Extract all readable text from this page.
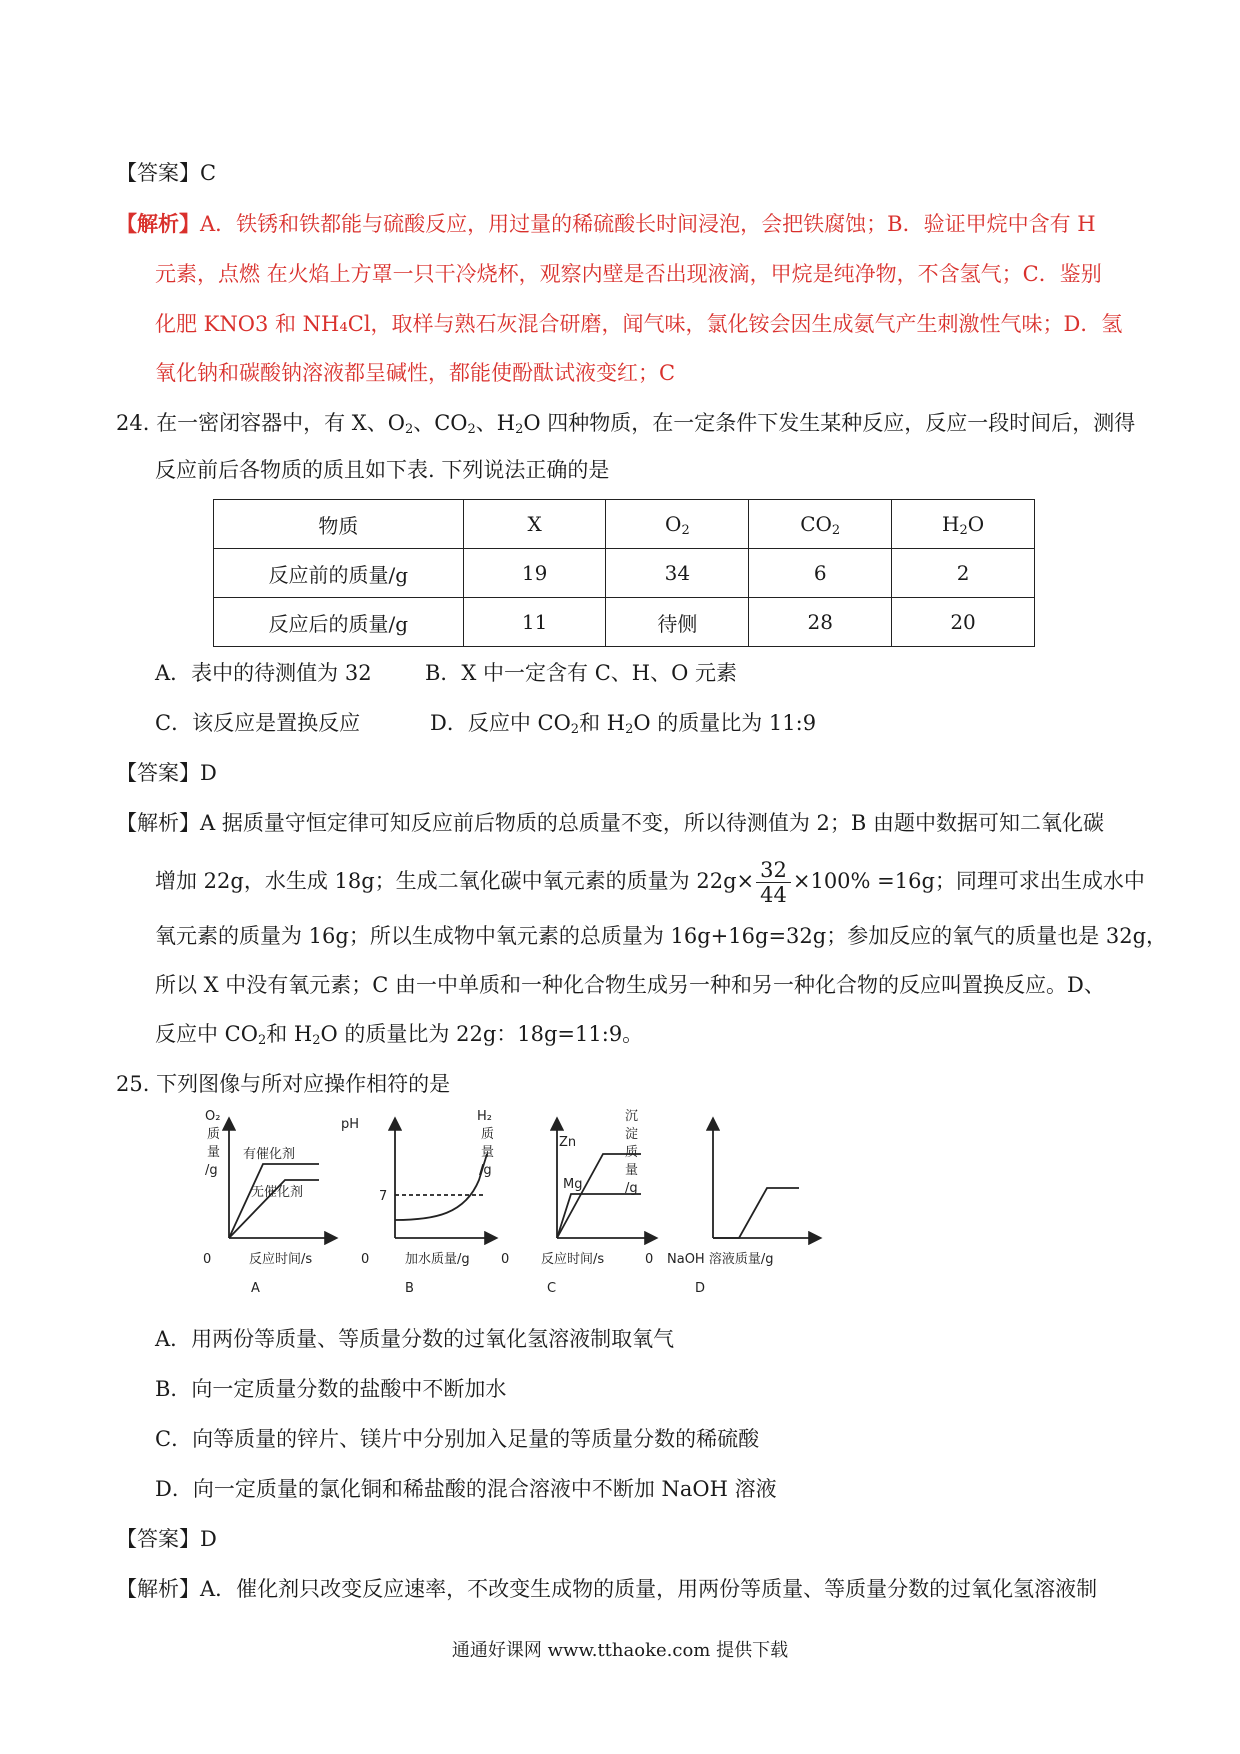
【答案】C
【解析】A．铁锈和铁都能与硫酸反应，用过量的稀硫酸长时间浸泡，会把铁腐蚀；B．验证甲烷中含有 H
元素，点燃 在火焰上方罩一只干冷烧杯，观察内壁是否出现液滴，甲烷是纯净物，不含氢气；C．鉴别
化肥 KNO3 和 NH₄Cl，取样与熟石灰混合研磨，闻气味，氯化铵会因生成氨气产生刺激性气味；D．氢
氧化钠和碳酸钠溶液都呈碱性，都能使酚酞试液变红；C
24. 在一密闭容器中，有 X、$O_2$、$CO_2$、$H_2O$ 四种物质，在一定条件下发生某种反应，反应一段时间后，测得
反应前后各物质的质且如下表. 下列说法正确的是
物质	X	$O_2$	$CO_2$	$H_2O$
反应前的质量/g	19	34	6	2
反应后的质量/g	11	待侧	28	20
A．表中的待测值为 32	B．X 中一定含有 C、H、O 元素
C．该反应是置换反应	D．反应中 $CO_2$和 $H_2O$ 的质量比为 11:9
【答案】D
【解析】A 据质量守恒定律可知反应前后物质的总质量不变，所以待测值为 2；B 由题中数据可知二氧化碳
增加 22g，水生成 18g；生成二氧化碳中氧元素的质量为 $22g\times \frac{32}{44} \times 100\% =16g$；同理可求出生成水中
氧元素的质量为 16g；所以生成物中氧元素的总质量为 16g+16g=32g；参加反应的氧气的质量也是 32g，
所以 X 中没有氧元素；C 由一中单质和一种化合物生成另一种和另一种化合物的反应叫置换反应。D、
反应中 $CO_2$和 $H_2O$ 的质量比为 22g：18g=11:9。
25. 下列图像与所对应操作相符的是
O₂
质
量
/g
有催化剂
无催化剂
0	反应时间/s
A
pH
7
0	加水质量/g
B
H₂
质
量
/g
Zn
Mg
0 反应时间/s
C
沉
淀
质
量
/g
0 NaOH 溶液质量/g
D
A．用两份等质量、等质量分数的过氧化氢溶液制取氧气
B．向一定质量分数的盐酸中不断加水
C．向等质量的锌片、镁片中分别加入足量的等质量分数的稀硫酸
D．向一定质量的氯化铜和稀盐酸的混合溶液中不断加 NaOH 溶液
【答案】D
【解析】A．催化剂只改变反应速率，不改变生成物的质量，用两份等质量、等质量分数的过氧化氢溶液制
通通好课网 www.tthaoke.com 提供下载
